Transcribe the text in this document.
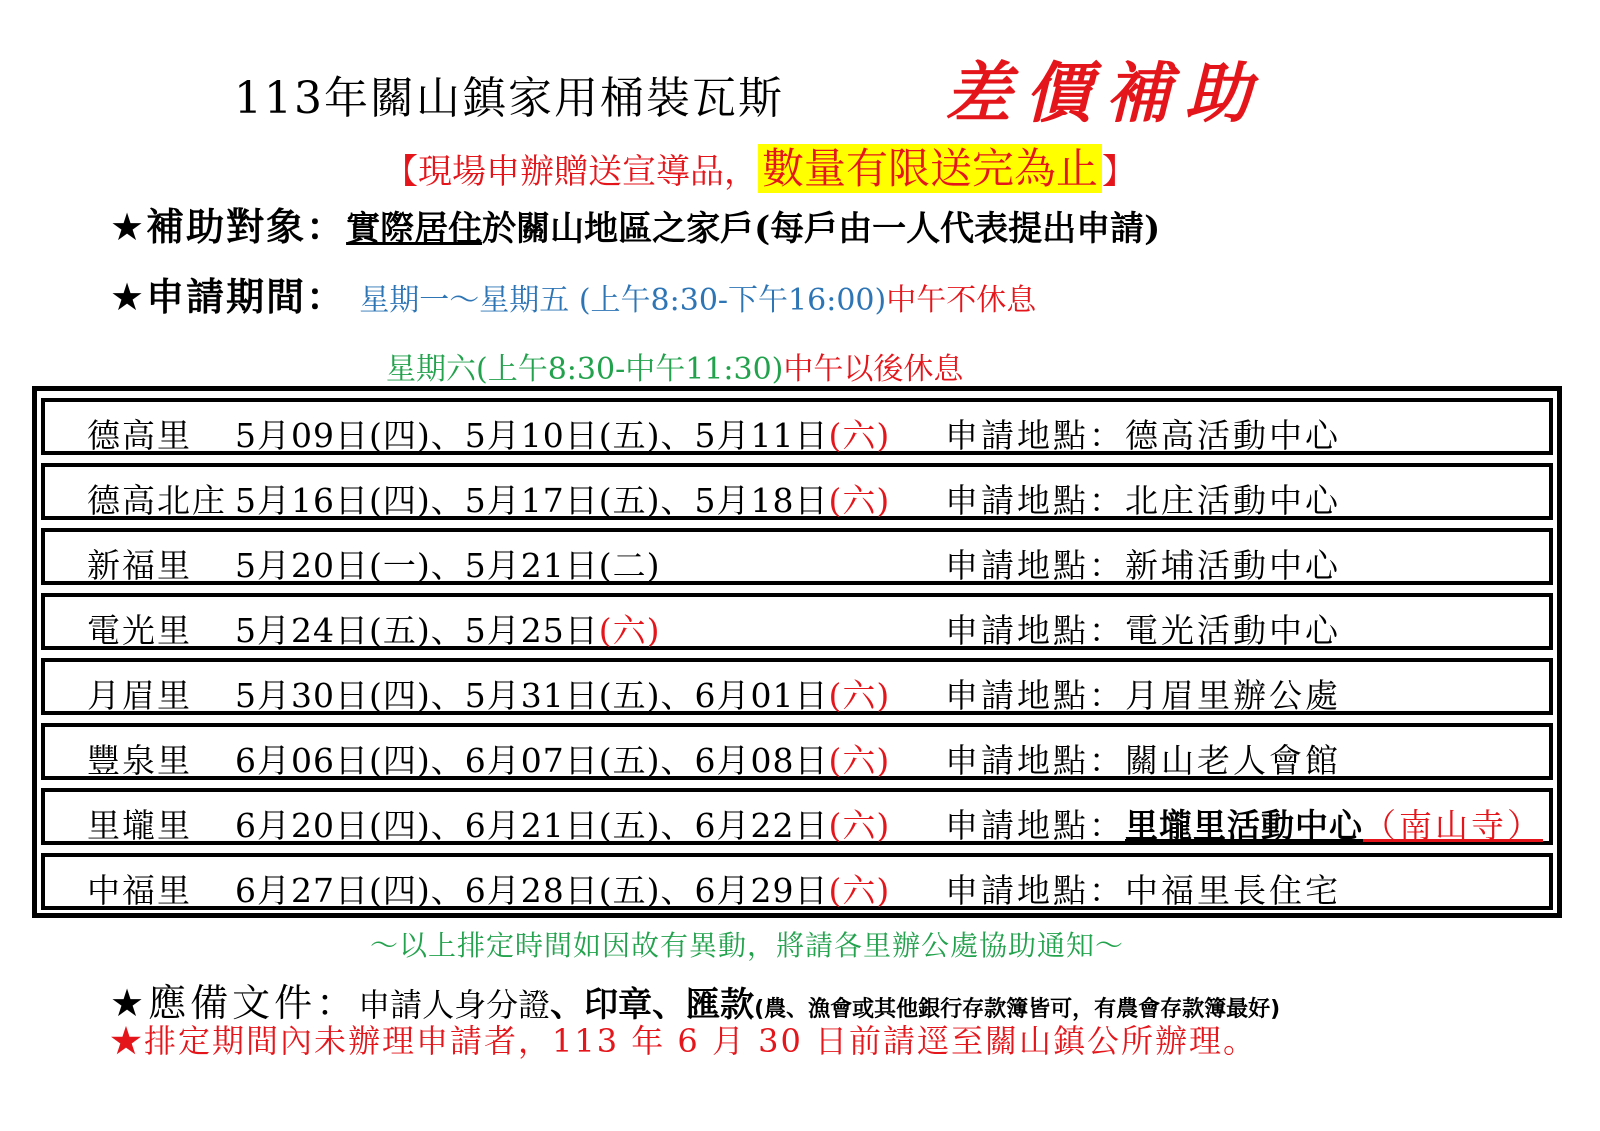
113年關山鎮家用桶裝瓦斯 差價補助
【現場申辦贈送宣導品，數量有限送完為止 】
★補助對象：實際居住於關山地區之家戶(每戶由一人代表提出申請)
★申請期間： 星期一～星期五 (上午8:30-下午16:00)中午不休息
星期六(上午8:30-中午11:30)中午以後休息
德高里 5月09日(四)、5月10日(五)、5月11日(六) 申請地點：德高活動中心
德高北庄 5月16日(四)、5月17日(五)、5月18日(六) 申請地點：北庄活動中心
新福里 5月20日(一)、5月21日(二)	申請地點：新埔活動中心
電光里 5月24日(五)、5月25日(六)	申請地點：電光活動中心
月眉里 5月30日(四)、5月31日(五)、6月01日(六) 申請地點：月眉里辦公處
豐泉里 6月06日(四)、6月07日(五)、6月08日(六) 申請地點：關山老人會館
里壠里 6月20日(四)、6月21日(五)、6月22日(六) 申請地點：里壠里活動中心（南山寺）
中福里 6月27日(四)、6月28日(五)、6月29日(六) 申請地點：中福里長住宅
～以上排定時間如因故有異動，將請各里辦公處協助通知～
★應備文件：申請人身分證、印章、匯款(農、漁會或其他銀行存款簿皆可，有農會存款簿最好)
★排定期間內未辦理申請者，113 年 6 月 30 日前請逕至關山鎮公所辦理。
